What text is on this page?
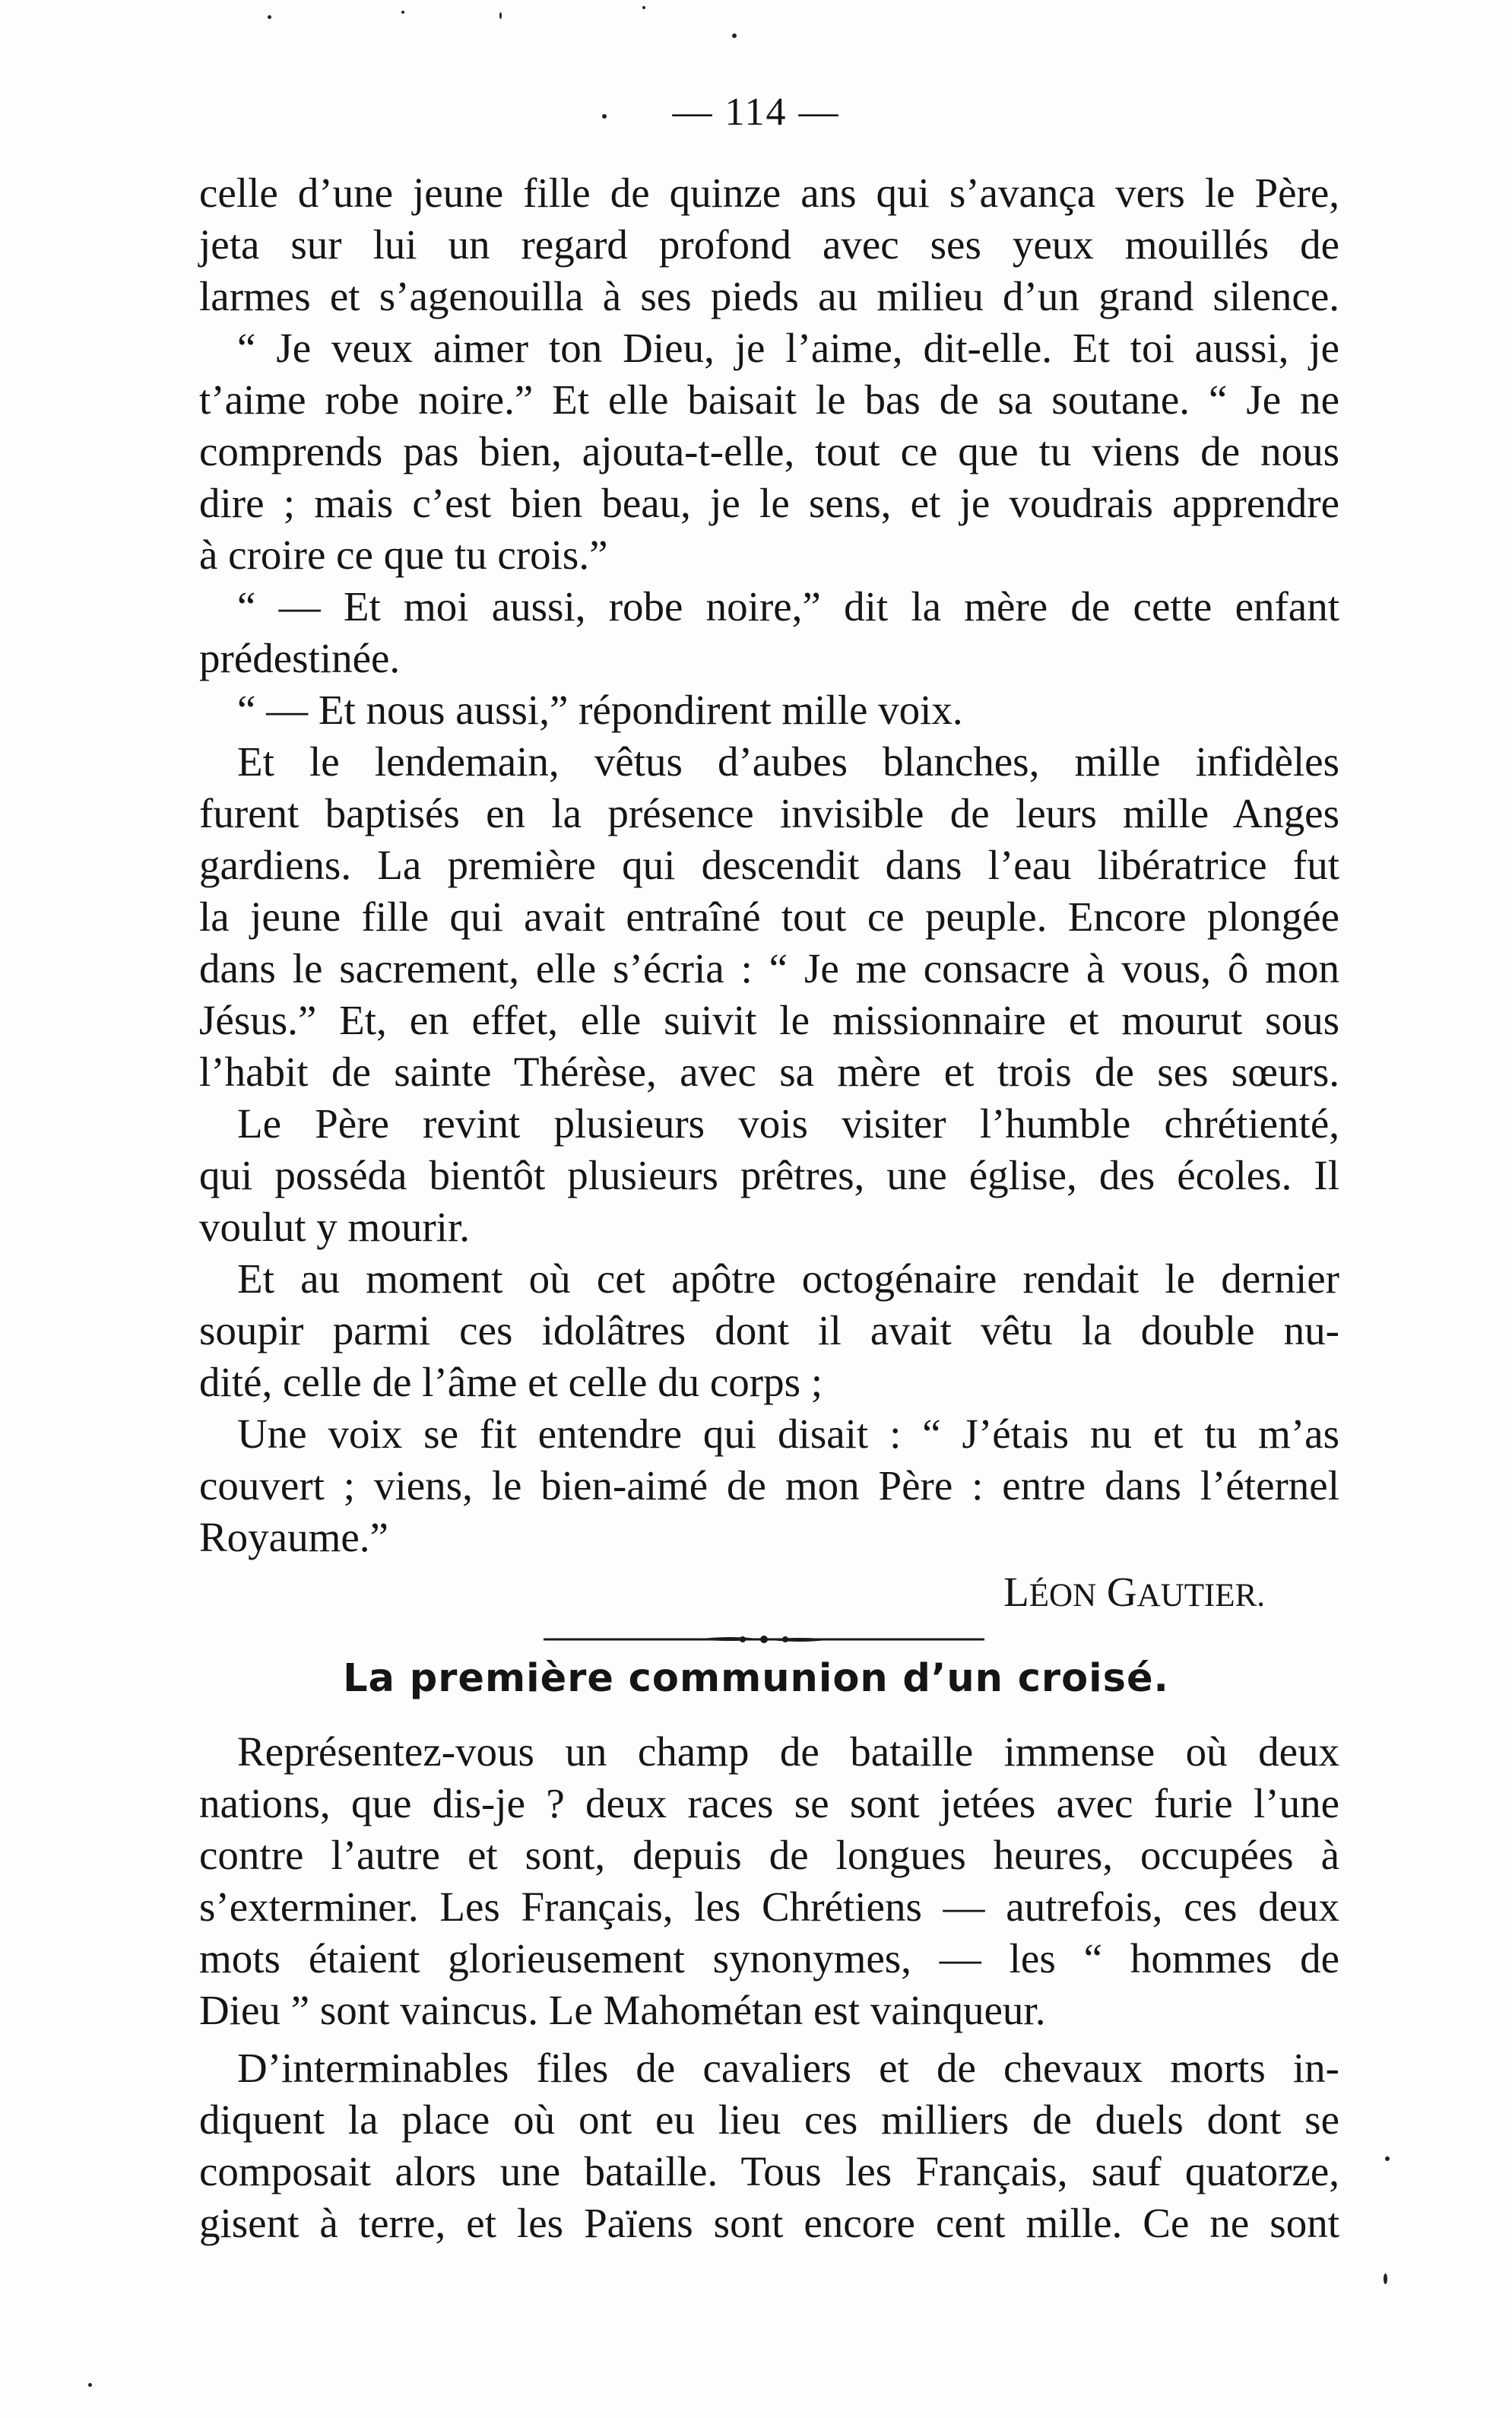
— 114 —
celle d’une jeune fille de quinze ans qui s’avança vers le Père,
jeta sur lui un regard profond avec ses yeux mouillés de
larmes et s’agenouilla à ses pieds au milieu d’un grand silence.
“ Je veux aimer ton Dieu, je l’aime, dit-elle. Et toi aussi, je
t’aime robe noire.” Et elle baisait le bas de sa soutane. “ Je ne
comprends pas bien, ajouta-t-elle, tout ce que tu viens de nous
dire ; mais c’est bien beau, je le sens, et je voudrais apprendre
à croire ce que tu crois.”
“ — Et moi aussi, robe noire,” dit la mère de cette enfant
prédestinée.
“ — Et nous aussi,” répondirent mille voix.
Et le lendemain, vêtus d’aubes blanches, mille infidèles
furent baptisés en la présence invisible de leurs mille Anges
gardiens. La première qui descendit dans l’eau libératrice fut
la jeune fille qui avait entraîné tout ce peuple. Encore plongée
dans le sacrement, elle s’écria : “ Je me consacre à vous, ô mon
Jésus.” Et, en effet, elle suivit le missionnaire et mourut sous
l’habit de sainte Thérèse, avec sa mère et trois de ses sœurs.
Le Père revint plusieurs vois visiter l’humble chrétienté,
qui posséda bientôt plusieurs prêtres, une église, des écoles. Il
voulut y mourir.
Et au moment où cet apôtre octogénaire rendait le dernier
soupir parmi ces idolâtres dont il avait vêtu la double nu-
dité, celle de l’âme et celle du corps ;
Une voix se fit entendre qui disait : “ J’étais nu et tu m’as
couvert ; viens, le bien-aimé de mon Père : entre dans l’éternel
Royaume.”
LÉON GAUTIER.
La première communion d’un croisé.
Représentez-vous un champ de bataille immense où deux
nations, que dis-je ? deux races se sont jetées avec furie l’une
contre l’autre et sont, depuis de longues heures, occupées à
s’exterminer. Les Français, les Chrétiens — autrefois, ces deux
mots étaient glorieusement synonymes, — les “ hommes de
Dieu ” sont vaincus. Le Mahométan est vainqueur.
D’interminables files de cavaliers et de chevaux morts in-
diquent la place où ont eu lieu ces milliers de duels dont se
composait alors une bataille. Tous les Français, sauf quatorze,
gisent à terre, et les Païens sont encore cent mille. Ce ne sont
